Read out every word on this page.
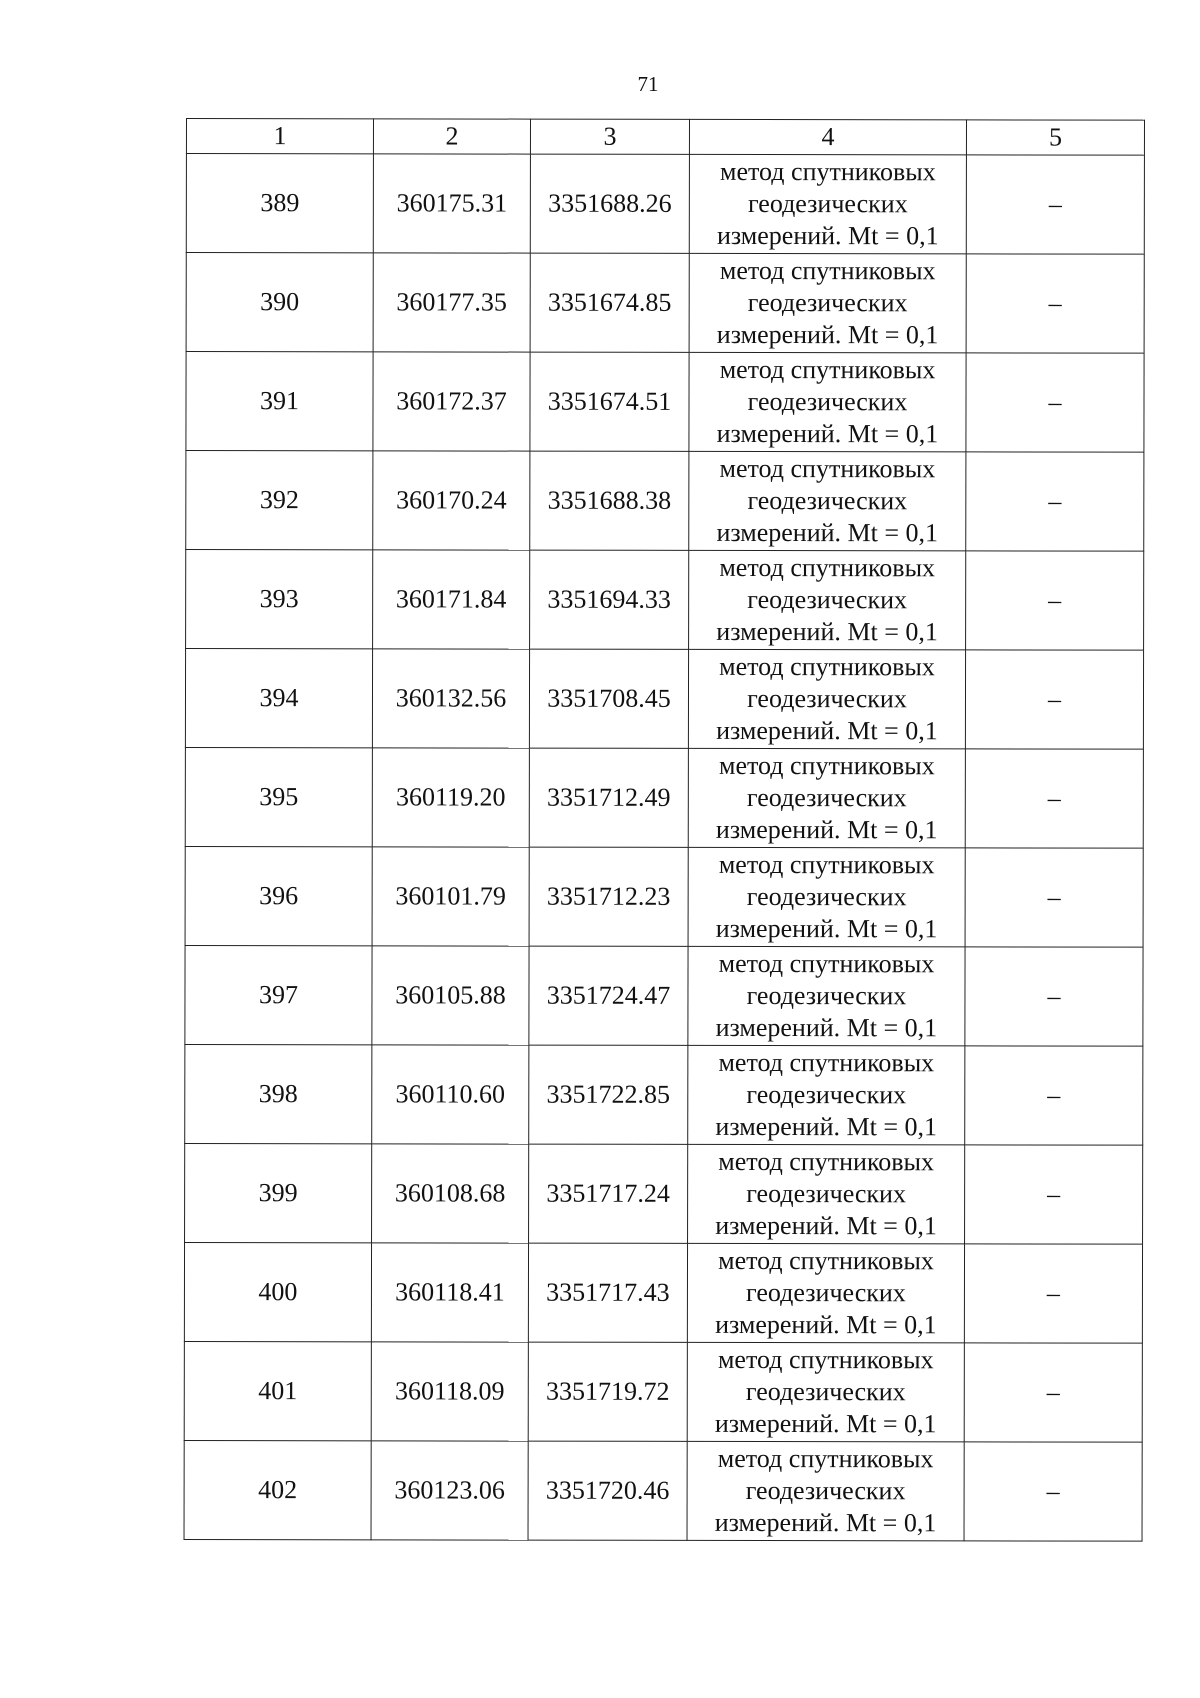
71
1	2	3	4	5
389	360175.31	3351688.26	метод спутниковых
геодезических
измерений. Mt = 0,1	–
390	360177.35	3351674.85	метод спутниковых
геодезических
измерений. Mt = 0,1	–
391	360172.37	3351674.51	метод спутниковых
геодезических
измерений. Mt = 0,1	–
392	360170.24	3351688.38	метод спутниковых
геодезических
измерений. Mt = 0,1	–
393	360171.84	3351694.33	метод спутниковых
геодезических
измерений. Mt = 0,1	–
394	360132.56	3351708.45	метод спутниковых
геодезических
измерений. Mt = 0,1	–
395	360119.20	3351712.49	метод спутниковых
геодезических
измерений. Mt = 0,1	–
396	360101.79	3351712.23	метод спутниковых
геодезических
измерений. Mt = 0,1	–
397	360105.88	3351724.47	метод спутниковых
геодезических
измерений. Mt = 0,1	–
398	360110.60	3351722.85	метод спутниковых
геодезических
измерений. Mt = 0,1	–
399	360108.68	3351717.24	метод спутниковых
геодезических
измерений. Mt = 0,1	–
400	360118.41	3351717.43	метод спутниковых
геодезических
измерений. Mt = 0,1	–
401	360118.09	3351719.72	метод спутниковых
геодезических
измерений. Mt = 0,1	–
402	360123.06	3351720.46	метод спутниковых
геодезических
измерений. Mt = 0,1	–
